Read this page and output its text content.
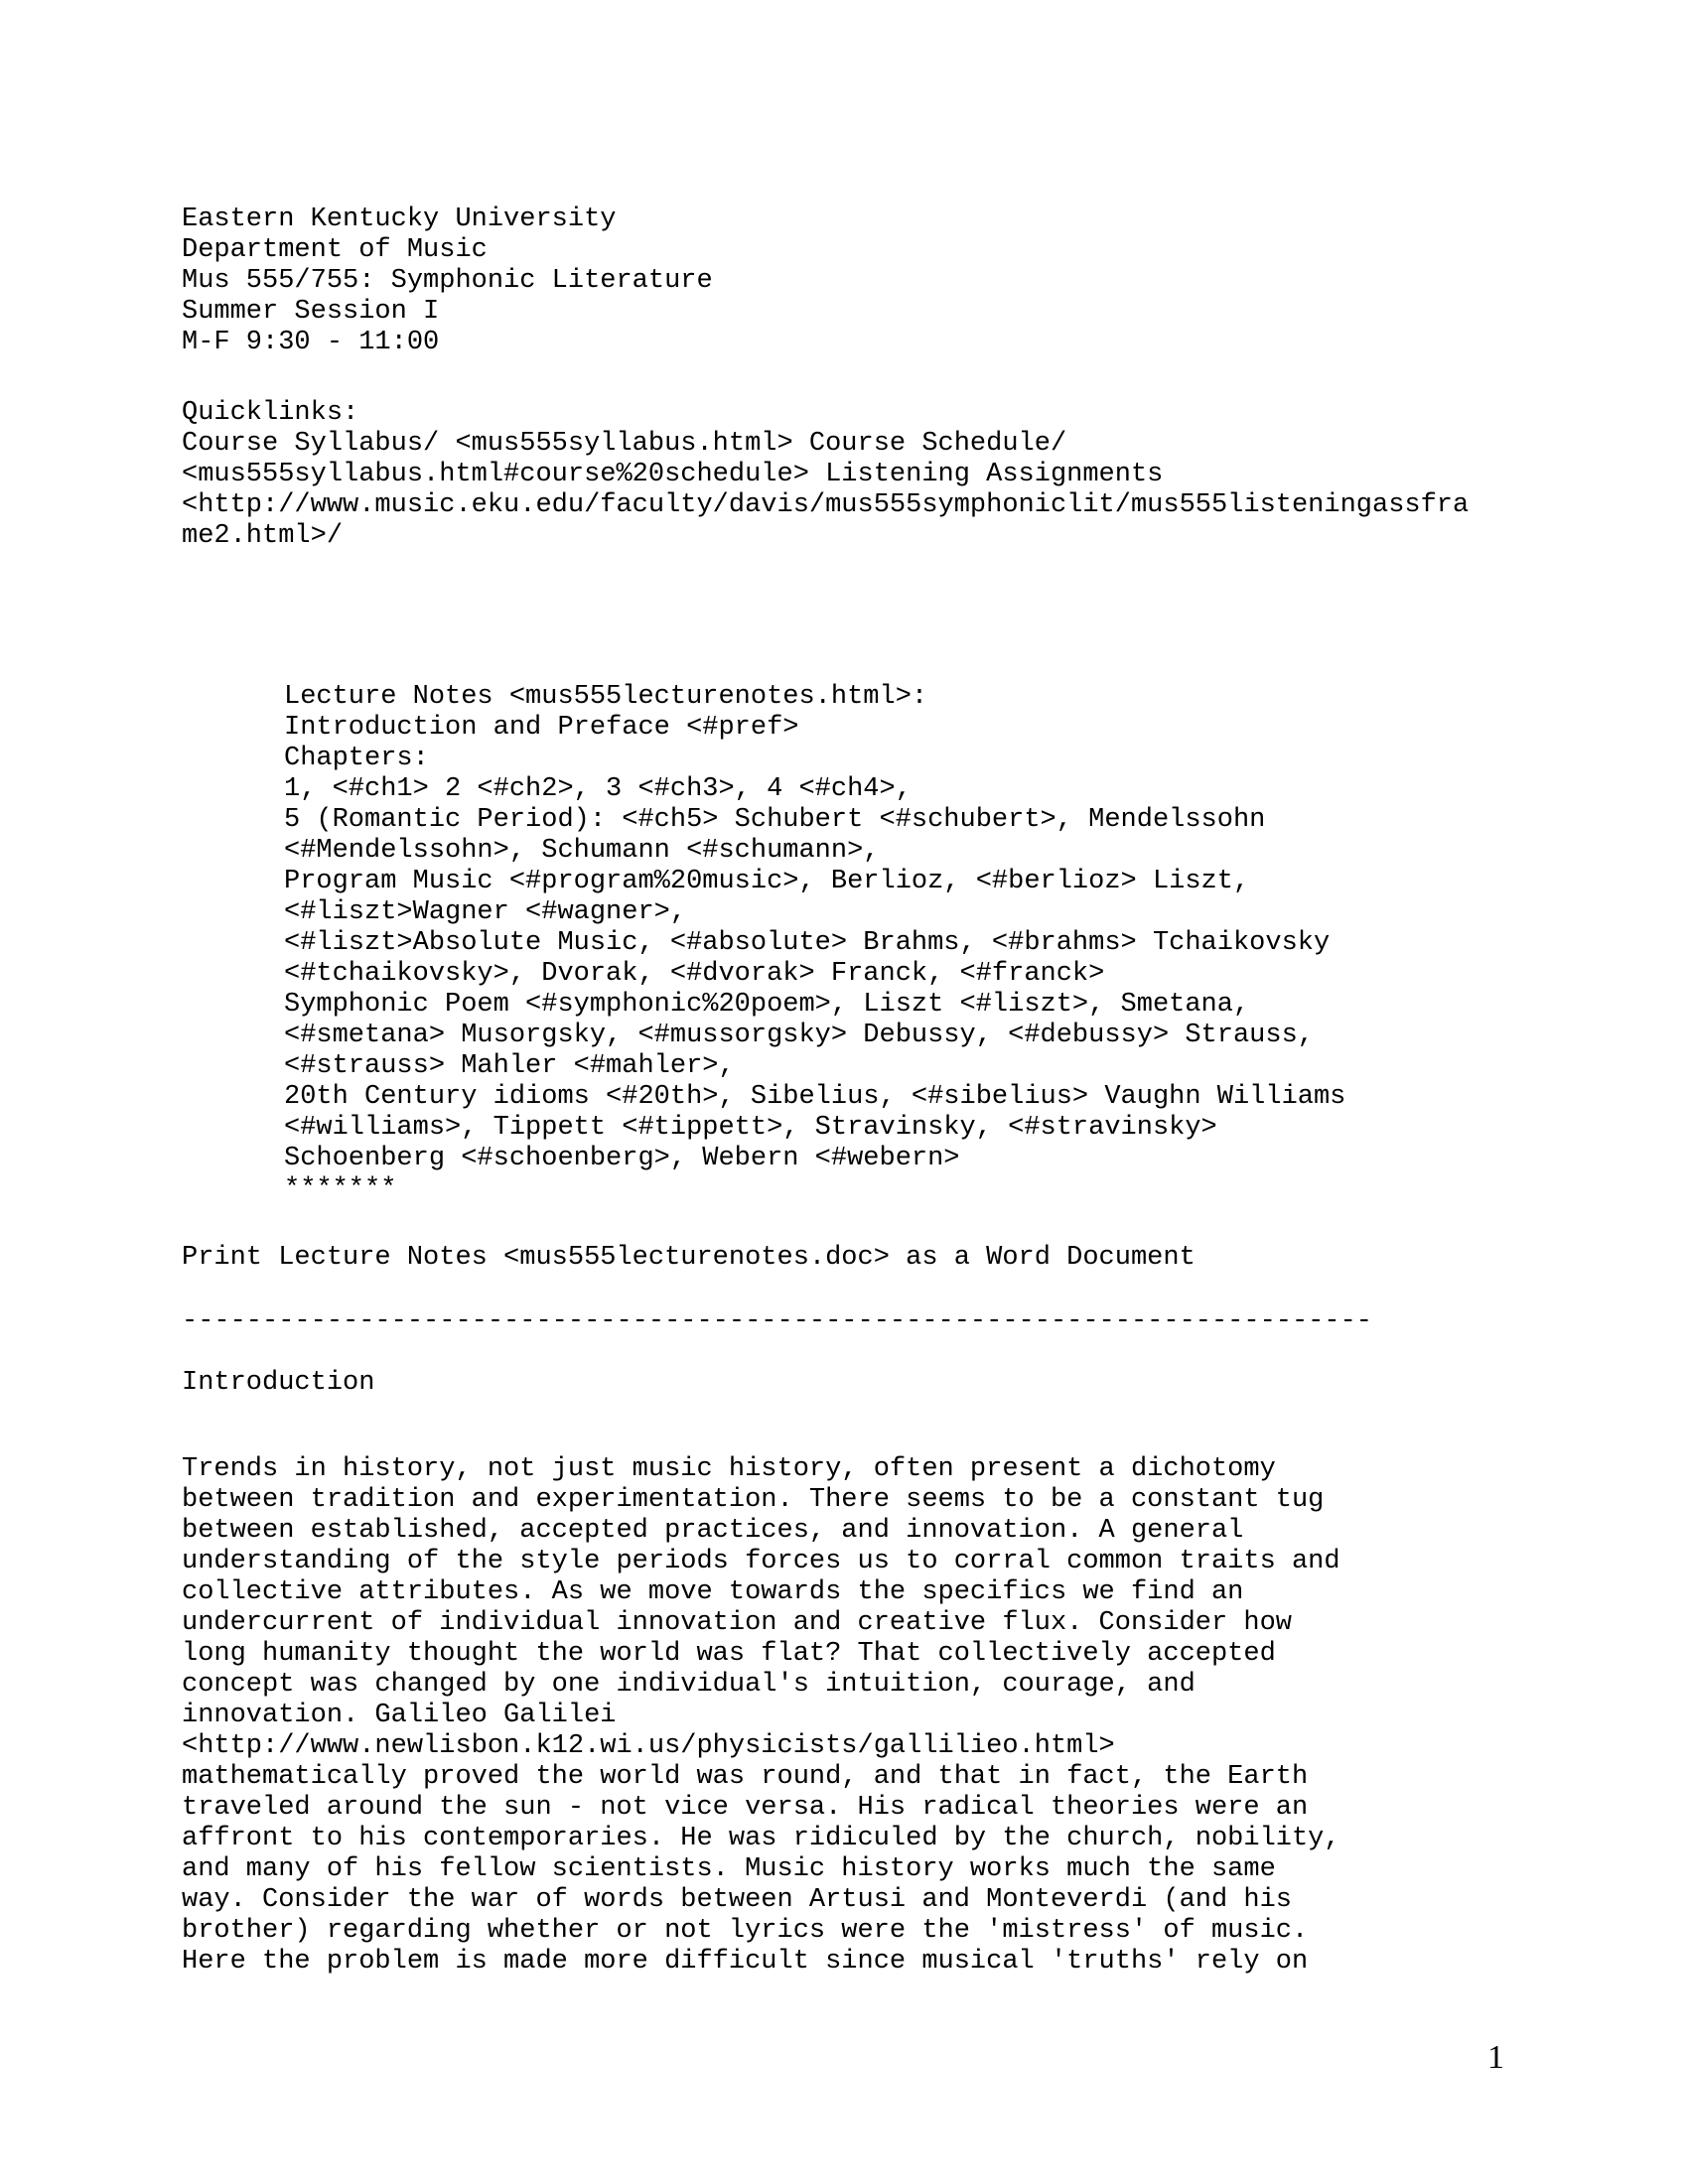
Eastern Kentucky University
Department of Music
Mus 555/755: Symphonic Literature
Summer Session I
M-F 9:30 - 11:00
Quicklinks:
Course Syllabus/ <mus555syllabus.html> Course Schedule/
<mus555syllabus.html#course%20schedule> Listening Assignments
<http://www.music.eku.edu/faculty/davis/mus555symphoniclit/mus555listeningassfra
me2.html>/
Lecture Notes <mus555lecturenotes.html>:
Introduction and Preface <#pref>
Chapters:
1, <#ch1> 2 <#ch2>, 3 <#ch3>, 4 <#ch4>,
5 (Romantic Period): <#ch5> Schubert <#schubert>, Mendelssohn
<#Mendelssohn>, Schumann <#schumann>,
Program Music <#program%20music>, Berlioz, <#berlioz> Liszt,
<#liszt>Wagner <#wagner>,
<#liszt>Absolute Music, <#absolute> Brahms, <#brahms> Tchaikovsky
<#tchaikovsky>, Dvorak, <#dvorak> Franck, <#franck>
Symphonic Poem <#symphonic%20poem>, Liszt <#liszt>, Smetana,
<#smetana> Musorgsky, <#mussorgsky> Debussy, <#debussy> Strauss,
<#strauss> Mahler <#mahler>,
20th Century idioms <#20th>, Sibelius, <#sibelius> Vaughn Williams
<#williams>, Tippett <#tippett>, Stravinsky, <#stravinsky>
Schoenberg <#schoenberg>, Webern <#webern>
*******
Print Lecture Notes <mus555lecturenotes.doc> as a Word Document
--------------------------------------------------------------------------
Introduction
Trends in history, not just music history, often present a dichotomy
between tradition and experimentation. There seems to be a constant tug
between established, accepted practices, and innovation. A general
understanding of the style periods forces us to corral common traits and
collective attributes. As we move towards the specifics we find an
undercurrent of individual innovation and creative flux. Consider how
long humanity thought the world was flat? That collectively accepted
concept was changed by one individual's intuition, courage, and
innovation. Galileo Galilei
<http://www.newlisbon.k12.wi.us/physicists/gallilieo.html>
mathematically proved the world was round, and that in fact, the Earth
traveled around the sun - not vice versa. His radical theories were an
affront to his contemporaries. He was ridiculed by the church, nobility,
and many of his fellow scientists. Music history works much the same
way. Consider the war of words between Artusi and Monteverdi (and his
brother) regarding whether or not lyrics were the 'mistress' of music.
Here the problem is made more difficult since musical 'truths' rely on
1
